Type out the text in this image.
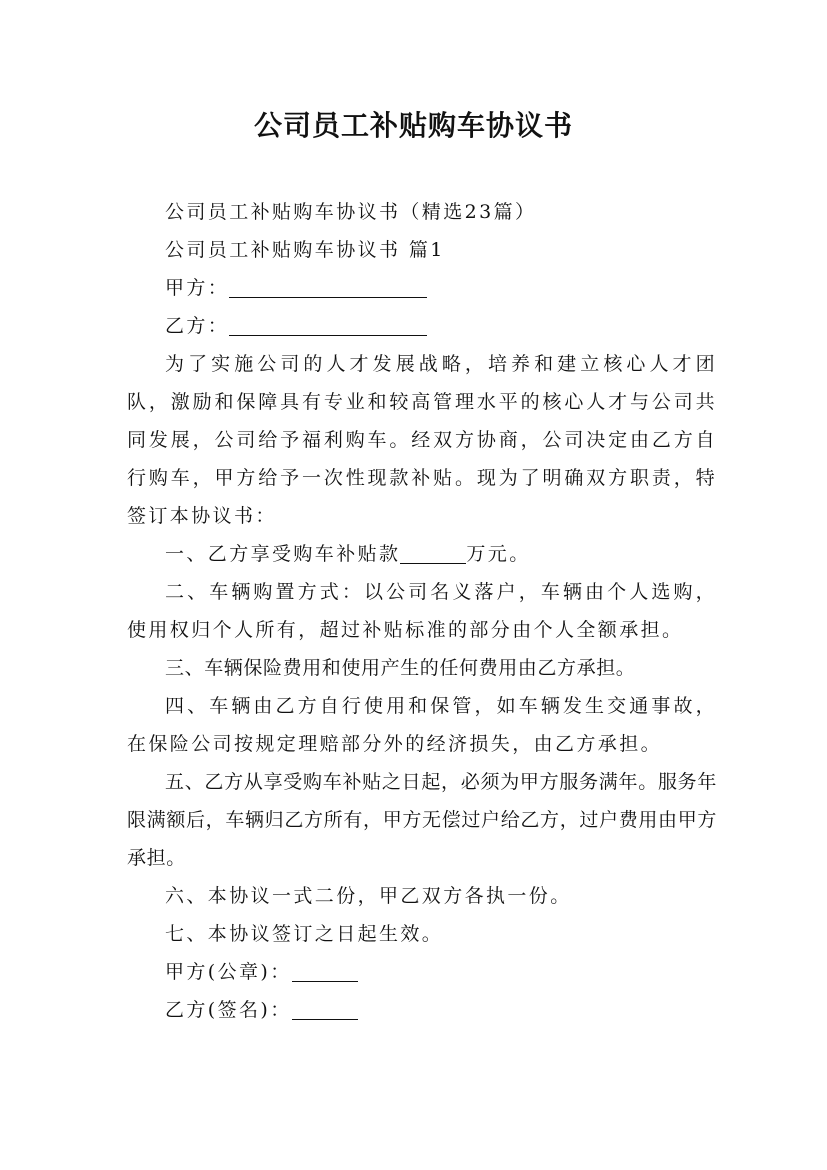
公司员工补贴购车协议书

公司员工补贴购车协议书（精选23篇）

公司员工补贴购车协议书 篇1

甲方：

乙方：

为了实施公司的人才发展战略，培养和建立核心人才团队，激励和保障具有专业和较高管理水平的核心人才与公司共同发展，公司给予福利购车。经双方协商，公司决定由乙方自行购车，甲方给予一次性现款补贴。现为了明确双方职责，特签订本协议书：

一、乙方享受购车补贴款	万元。

二、车辆购置方式：以公司名义落户，车辆由个人选购，使用权归个人所有，超过补贴标准的部分由个人全额承担。

三、车辆保险费用和使用产生的任何费用由乙方承担。

四、车辆由乙方自行使用和保管，如车辆发生交通事故，在保险公司按规定理赔部分外的经济损失，由乙方承担。

五、乙方从享受购车补贴之日起，必须为甲方服务满年。服务年限满额后，车辆归乙方所有，甲方无偿过户给乙方，过户费用由甲方承担。

六、本协议一式二份，甲乙双方各执一份。

七、本协议签订之日起生效。

甲方(公章)：

乙方(签名)：
